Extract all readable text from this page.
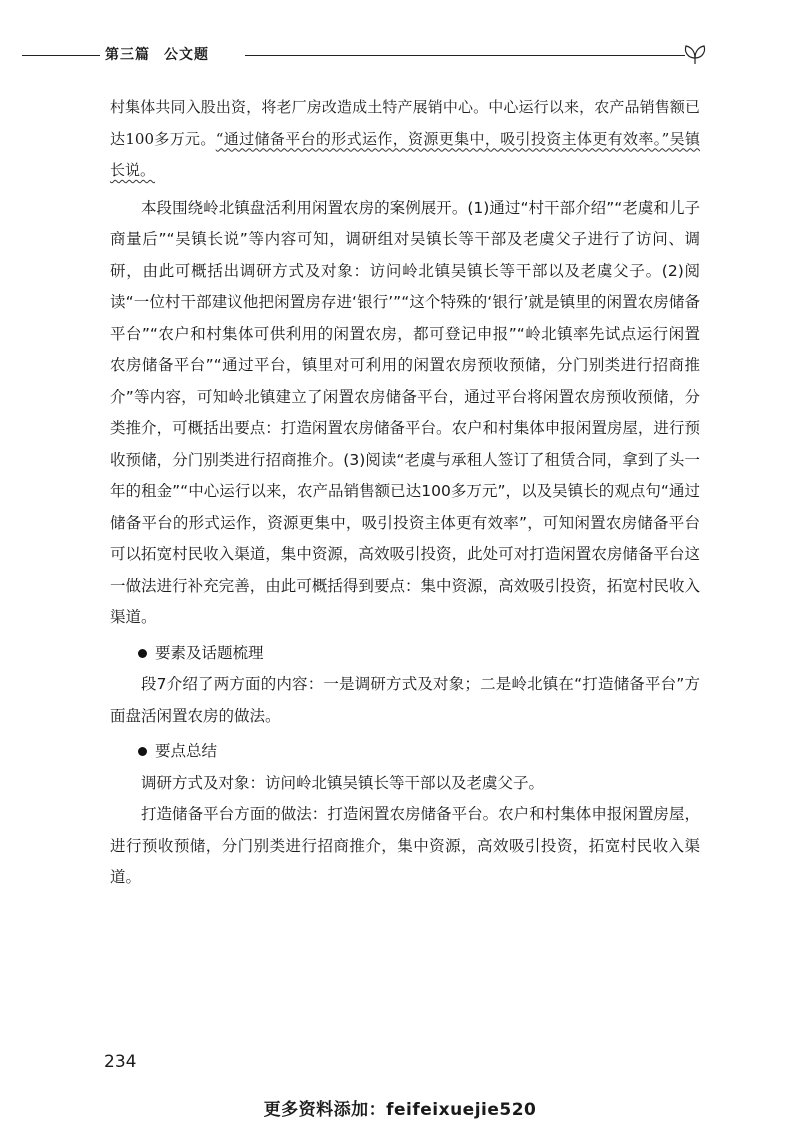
第三篇 公文题

村集体共同入股出资，将老厂房改造成土特产展销中心。中心运行以来，农产品销售额已达100多万元。“通过储备平台的形式运作，资源更集中，吸引投资主体更有效率。”吴镇长说。

本段围绕岭北镇盘活利用闲置农房的案例展开。(1)通过“村干部介绍”“老虞和儿子商量后”“吴镇长说”等内容可知，调研组对吴镇长等干部及老虞父子进行了访问、调研，由此可概括出调研方式及对象：访问岭北镇吴镇长等干部以及老虞父子。(2)阅读“一位村干部建议他把闲置房存进‘银行’”“这个特殊的‘银行’就是镇里的闲置农房储备平台”“农户和村集体可供利用的闲置农房，都可登记申报”“岭北镇率先试点运行闲置农房储备平台”“通过平台，镇里对可利用的闲置农房预收预储，分门别类进行招商推介”等内容，可知岭北镇建立了闲置农房储备平台，通过平台将闲置农房预收预储，分类推介，可概括出要点：打造闲置农房储备平台。农户和村集体申报闲置房屋，进行预收预储，分门别类进行招商推介。(3)阅读“老虞与承租人签订了租赁合同，拿到了头一年的租金”“中心运行以来，农产品销售额已达100多万元”，以及吴镇长的观点句“通过储备平台的形式运作，资源更集中，吸引投资主体更有效率”，可知闲置农房储备平台可以拓宽村民收入渠道，集中资源，高效吸引投资，此处可对打造闲置农房储备平台这一做法进行补充完善，由此可概括得到要点：集中资源，高效吸引投资，拓宽村民收入渠道。

要素及话题梳理

段7介绍了两方面的内容：一是调研方式及对象；二是岭北镇在“打造储备平台”方面盘活闲置农房的做法。

要点总结

调研方式及对象：访问岭北镇吴镇长等干部以及老虞父子。

打造储备平台方面的做法：打造闲置农房储备平台。农户和村集体申报闲置房屋，进行预收预储，分门别类进行招商推介，集中资源，高效吸引投资，拓宽村民收入渠道。

234
更多资料添加：feifeixuejie520
